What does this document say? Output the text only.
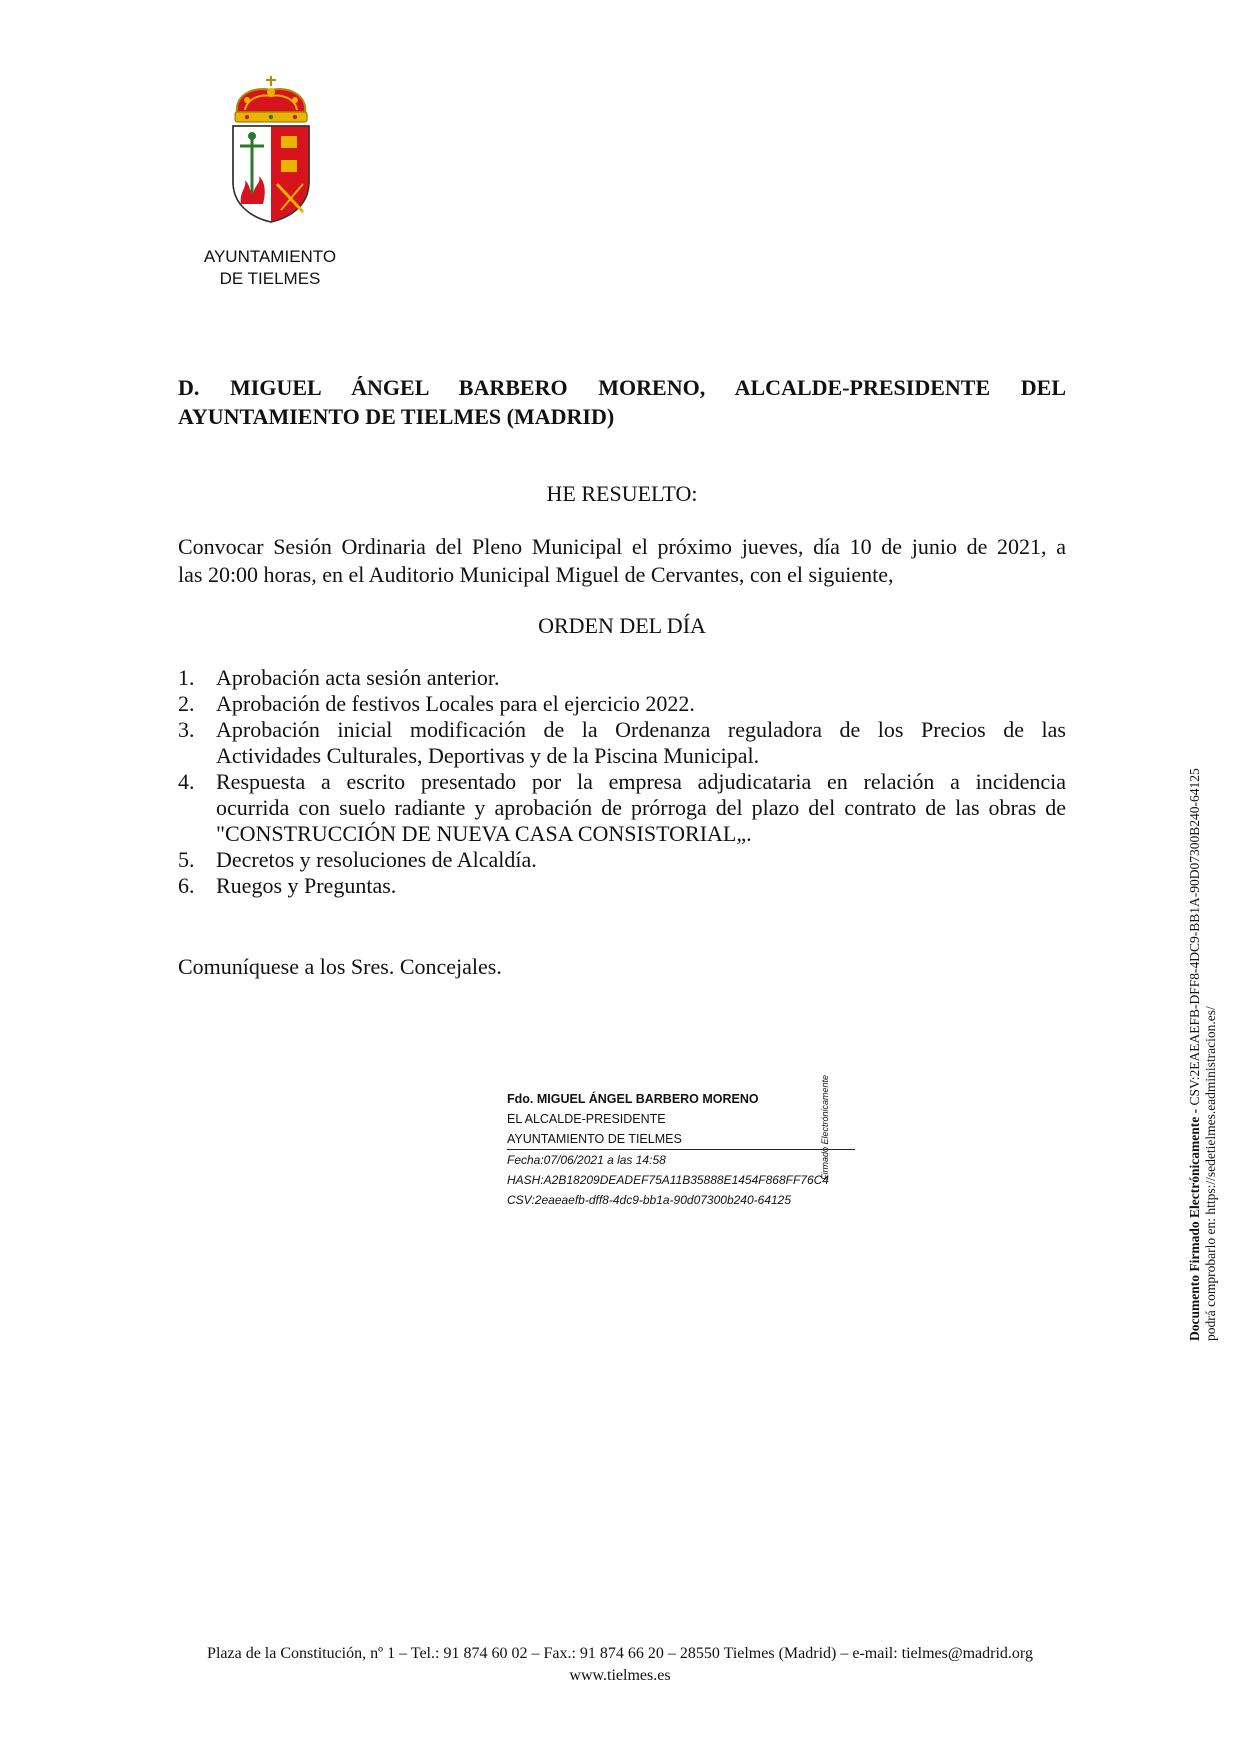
AYUNTAMIENTO
DE TIELMES
D. MIGUEL ÁNGEL BARBERO MORENO, ALCALDE-PRESIDENTE DEL
AYUNTAMIENTO DE TIELMES (MADRID)
HE RESUELTO:
Convocar Sesión Ordinaria del Pleno Municipal el próximo jueves, día 10 de junio de 2021, a
las 20:00 horas, en el Auditorio Municipal Miguel de Cervantes, con el siguiente,
ORDEN DEL DÍA
1. Aprobación acta sesión anterior.
2. Aprobación de festivos Locales para el ejercicio 2022.
3. Aprobación inicial modificación de la Ordenanza reguladora de los Precios de las
Actividades Culturales, Deportivas y de la Piscina Municipal.
4. Respuesta a escrito presentado por la empresa adjudicataria en relación a incidencia
ocurrida con suelo radiante y aprobación de prórroga del plazo del contrato de las obras de
"CONSTRUCCIÓN DE NUEVA CASA CONSISTORIAL„.
5. Decretos y resoluciones de Alcaldía.
6. Ruegos y Preguntas.
Comuníquese a los Sres. Concejales.
Fdo. MIGUEL ÁNGEL BARBERO MORENO
EL ALCALDE-PRESIDENTE
AYUNTAMIENTO DE TIELMES
Fecha:07/06/2021 a las 14:58
HASH:A2B18209DEADEF75A11B35888E1454F868FF76C4
CSV:2eaeaefb-dff8-4dc9-bb1a-90d07300b240-64125
Firmado Electrónicamente	Documento Firmado Electrónicamente - CSV:2EAEAEFB-DFF8-4DC9-BB1A-90D07300B240-64125
podrá comprobarlo en: https://sedetielmes.eadministracion.es/
Plaza de la Constitución, nº 1 – Tel.: 91 874 60 02 – Fax.: 91 874 66 20 – 28550 Tielmes (Madrid) – e-mail: tielmes@madrid.org
www.tielmes.es
